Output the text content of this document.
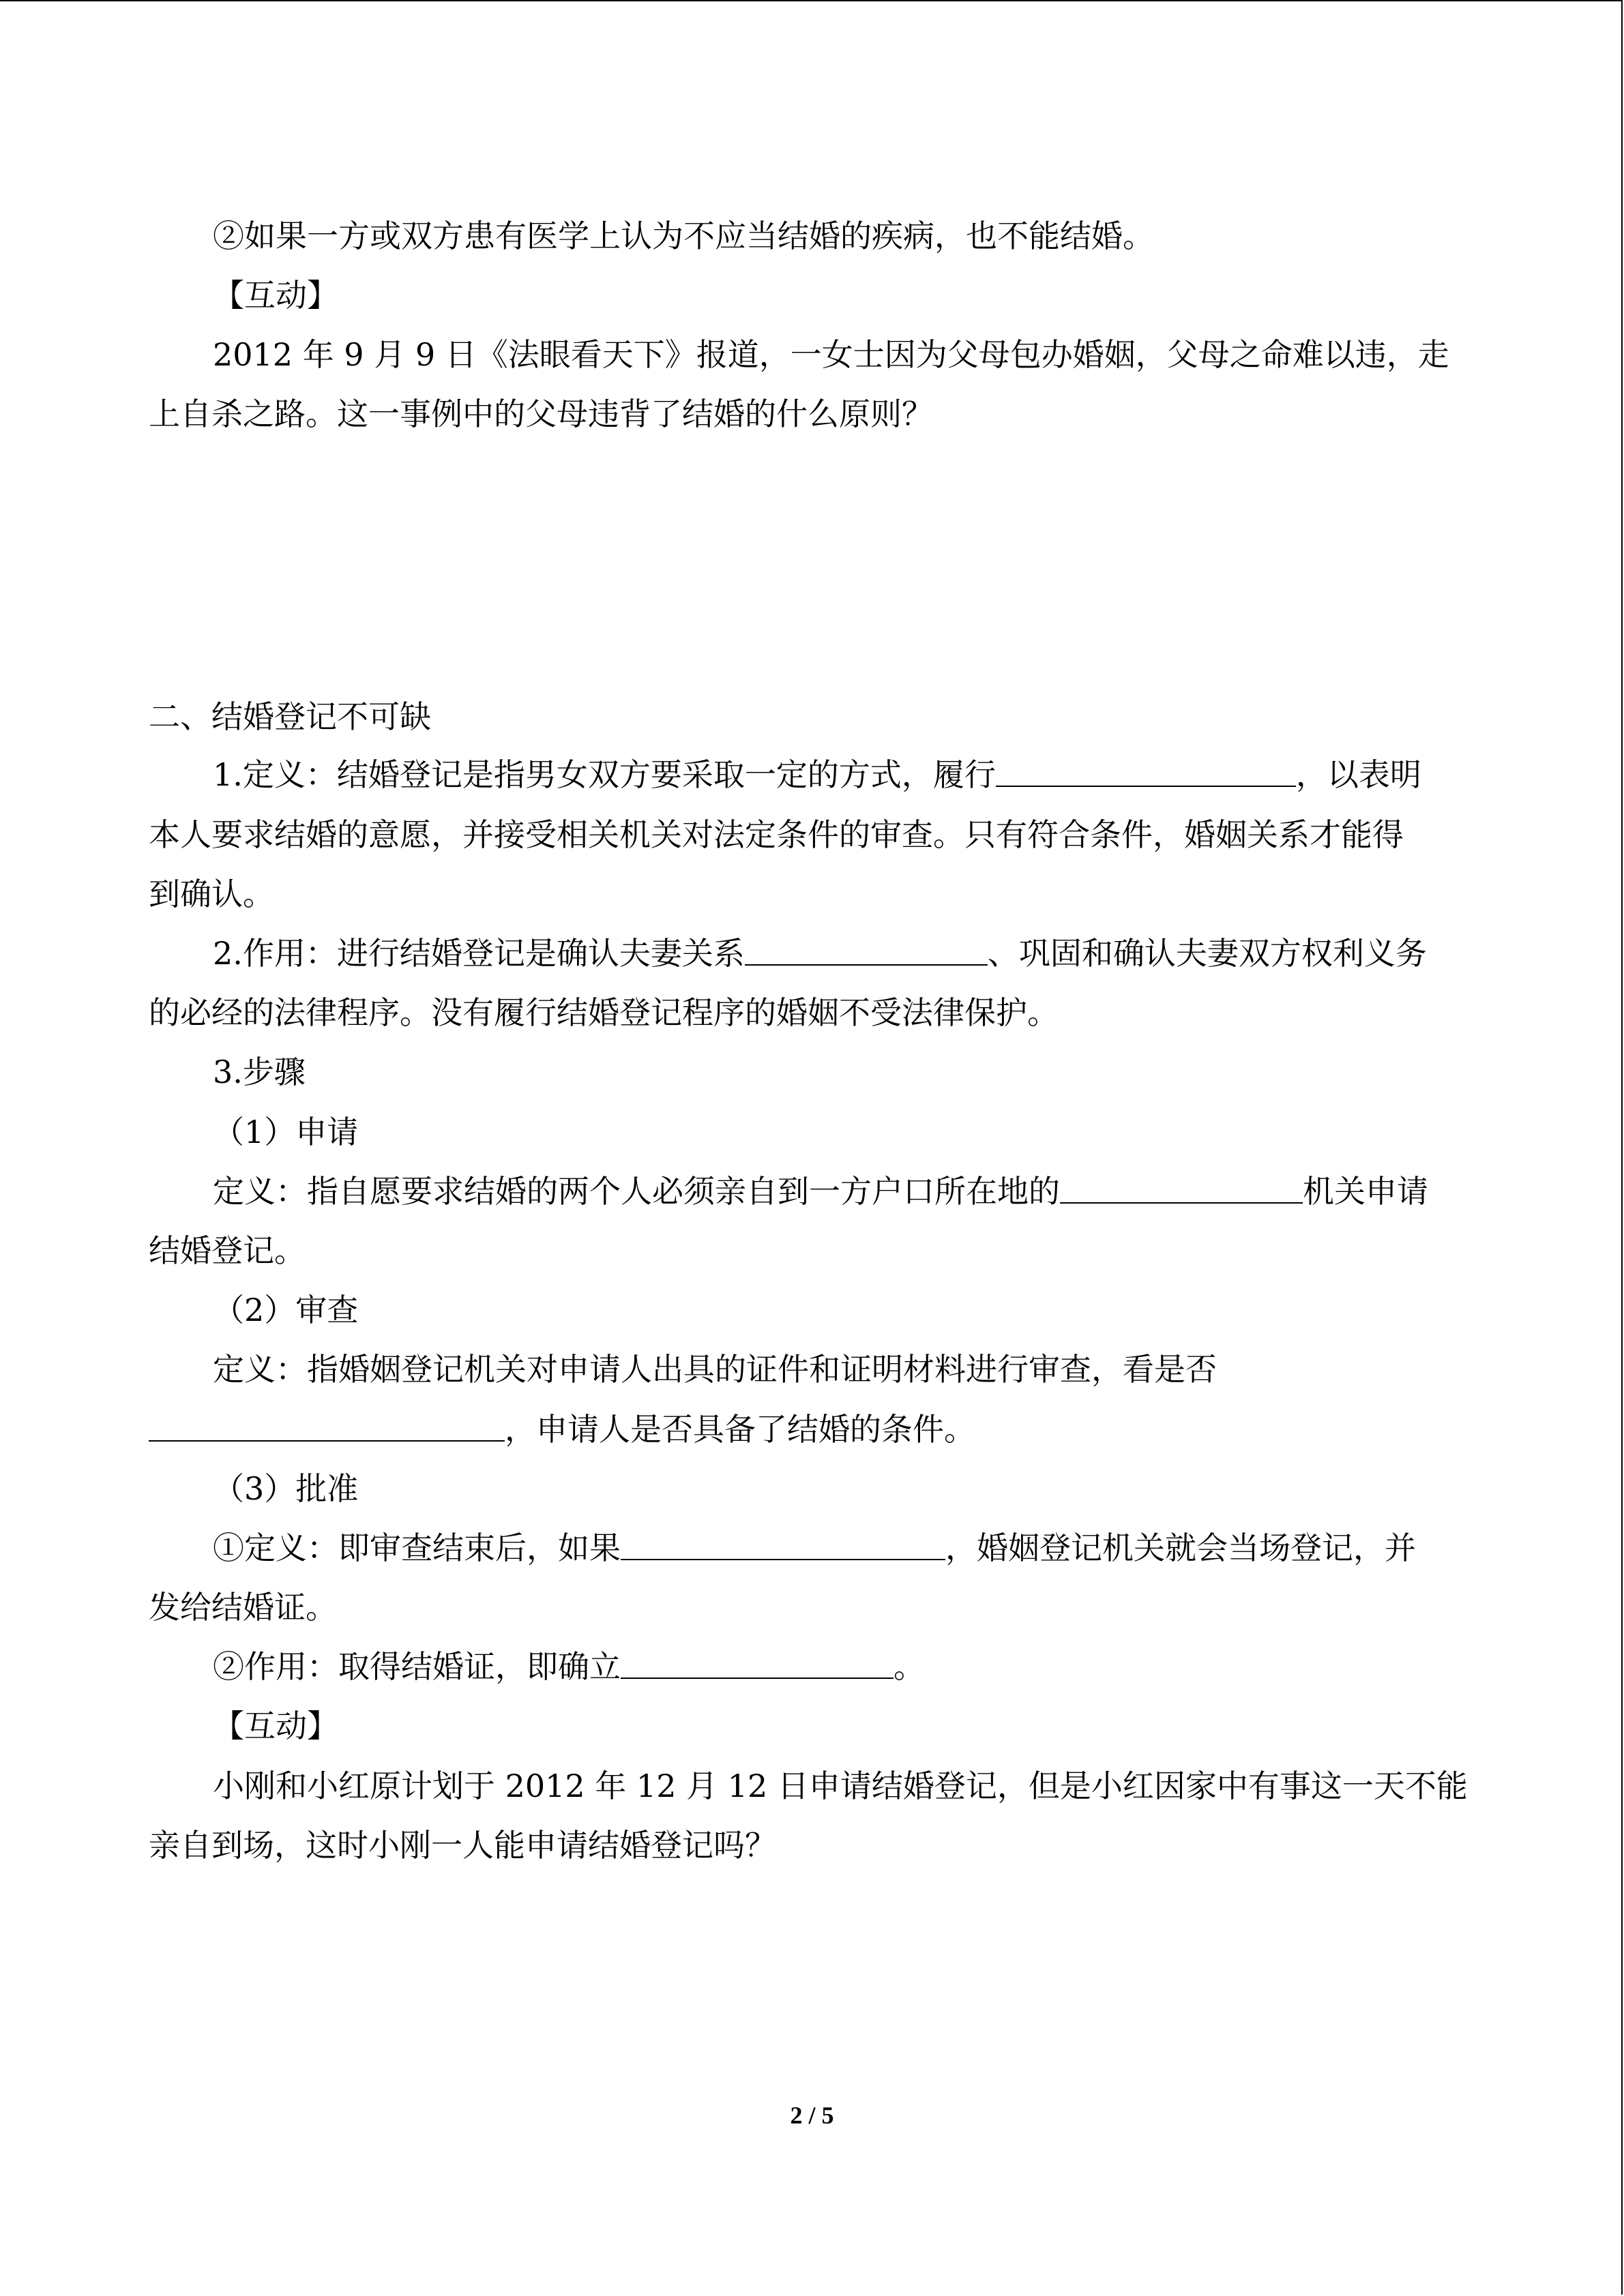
②如果一方或双方患有医学上认为不应当结婚的疾病，也不能结婚。
【互动】
2012 年 9 月 9 日《法眼看天下》报道，一女士因为父母包办婚姻，父母之命难以违，走
上自杀之路。这一事例中的父母违背了结婚的什么原则？
二、结婚登记不可缺
1.定义：结婚登记是指男女双方要采取一定的方式，履行	，以表明
本人要求结婚的意愿，并接受相关机关对法定条件的审查。只有符合条件，婚姻关系才能得
到确认。
2.作用：进行结婚登记是确认夫妻关系	、巩固和确认夫妻双方权利义务
的必经的法律程序。没有履行结婚登记程序的婚姻不受法律保护。
3.步骤
（1）申请
定义：指自愿要求结婚的两个人必须亲自到一方户口所在地的	机关申请
结婚登记。
（2）审查
定义：指婚姻登记机关对申请人出具的证件和证明材料进行审查，看是否
，申请人是否具备了结婚的条件。
（3）批准
①定义：即审查结束后，如果	，婚姻登记机关就会当场登记，并
发给结婚证。
②作用：取得结婚证，即确立	。
【互动】
小刚和小红原计划于 2012 年 12 月 12 日申请结婚登记，但是小红因家中有事这一天不能
亲自到场，这时小刚一人能申请结婚登记吗？
2 / 5
